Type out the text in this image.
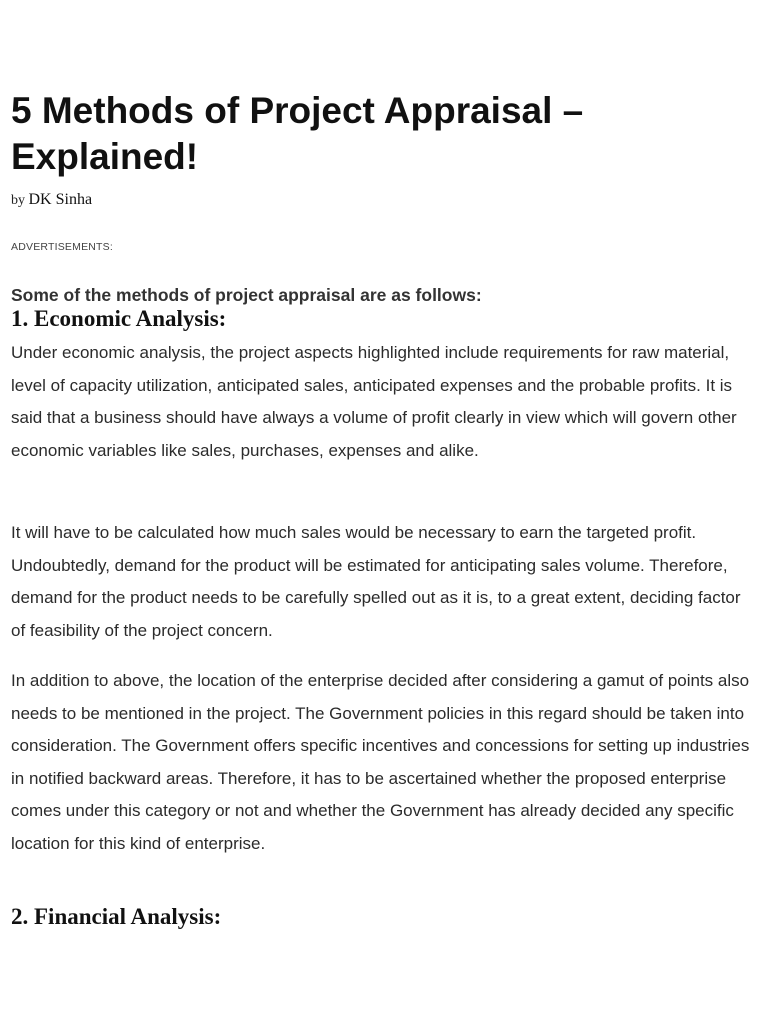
5 Methods of Project Appraisal – Explained!
by DK Sinha
ADVERTISEMENTS:
Some of the methods of project appraisal are as follows:
1. Economic Analysis:

Under economic analysis, the project aspects highlighted include requirements for raw material, level of capacity utilization, anticipated sales, anticipated expenses and the probable profits. It is said that a business should have always a volume of profit clearly in view which will govern other economic variables like sales, purchases, expenses and alike.

It will have to be calculated how much sales would be necessary to earn the targeted profit. Undoubtedly, demand for the product will be estimated for anticipating sales volume. Therefore, demand for the product needs to be carefully spelled out as it is, to a great extent, deciding factor of feasibility of the project concern.

In addition to above, the location of the enterprise decided after considering a gamut of points also needs to be mentioned in the project. The Government policies in this regard should be taken into consideration. The Government offers specific incentives and concessions for setting up industries in notified backward areas. Therefore, it has to be ascertained whether the proposed enterprise comes under this category or not and whether the Government has already decided any specific location for this kind of enterprise.

2. Financial Analysis:
